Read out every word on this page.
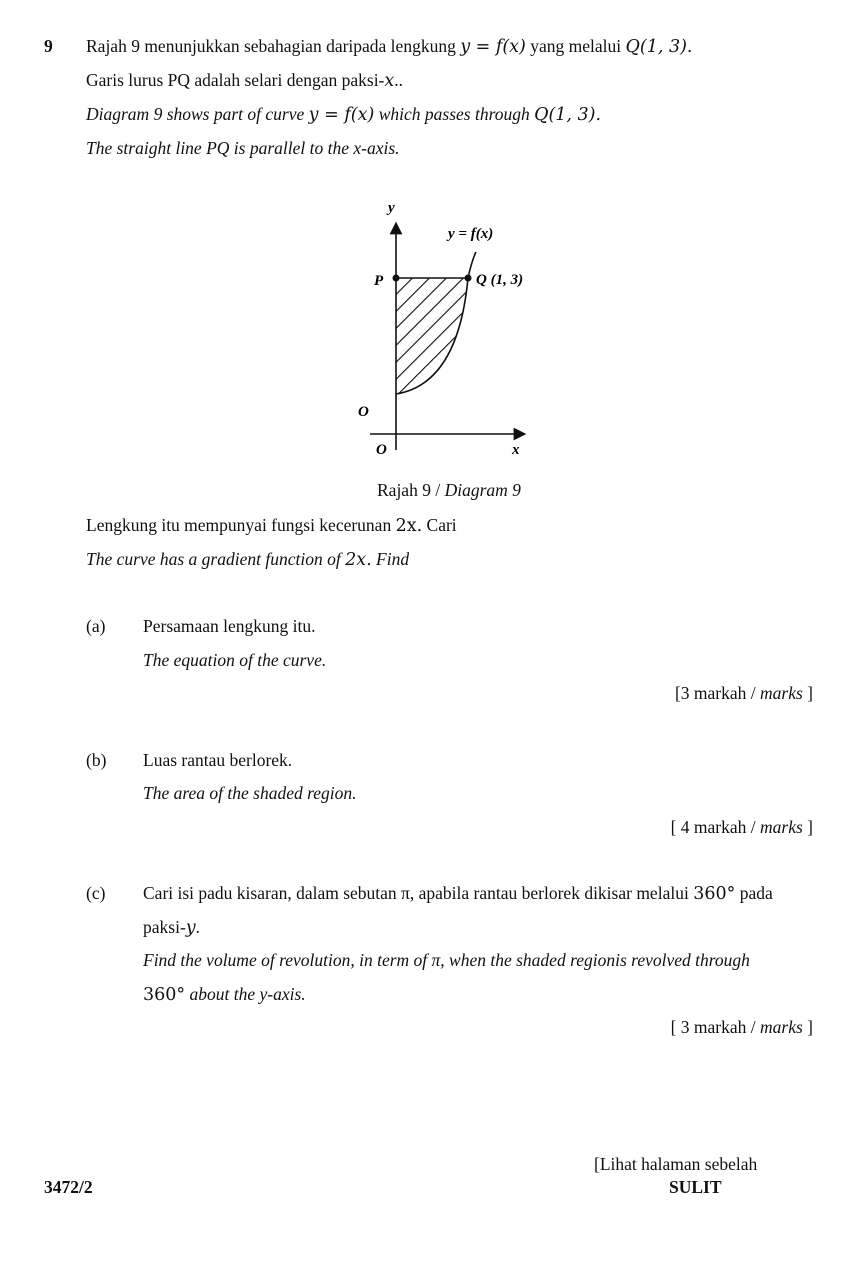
9 Rajah 9 menunjukkan sebahagian daripada lengkung y = f(x) yang melalui Q(1, 3).
Garis lurus PQ adalah selari dengan paksi-x..
Diagram 9 shows part of curve y = f(x) which passes through Q(1, 3).
The straight line PQ is parallel to the x-axis.
y
y = f(x)
P	Q (1, 3)
O
O	x
Rajah 9 / Diagram 9
Lengkung itu mempunyai fungsi kecerunan 2x. Cari
The curve has a gradient function of 2x. Find
(a) Persamaan lengkung itu.
The equation of the curve.
[3 markah / marks ]
(b) Luas rantau berlorek.
The area of the shaded region.
[ 4 markah / marks ]
(c) Cari isi padu kisaran, dalam sebutan π, apabila rantau berlorek dikisar melalui 360° pada
paksi-y.
Find the volume of revolution, in term of π, when the shaded regionis revolved through
360° about the y-axis.
[ 3 markah / marks ]
[Lihat halaman sebelah
3472/2	SULIT
